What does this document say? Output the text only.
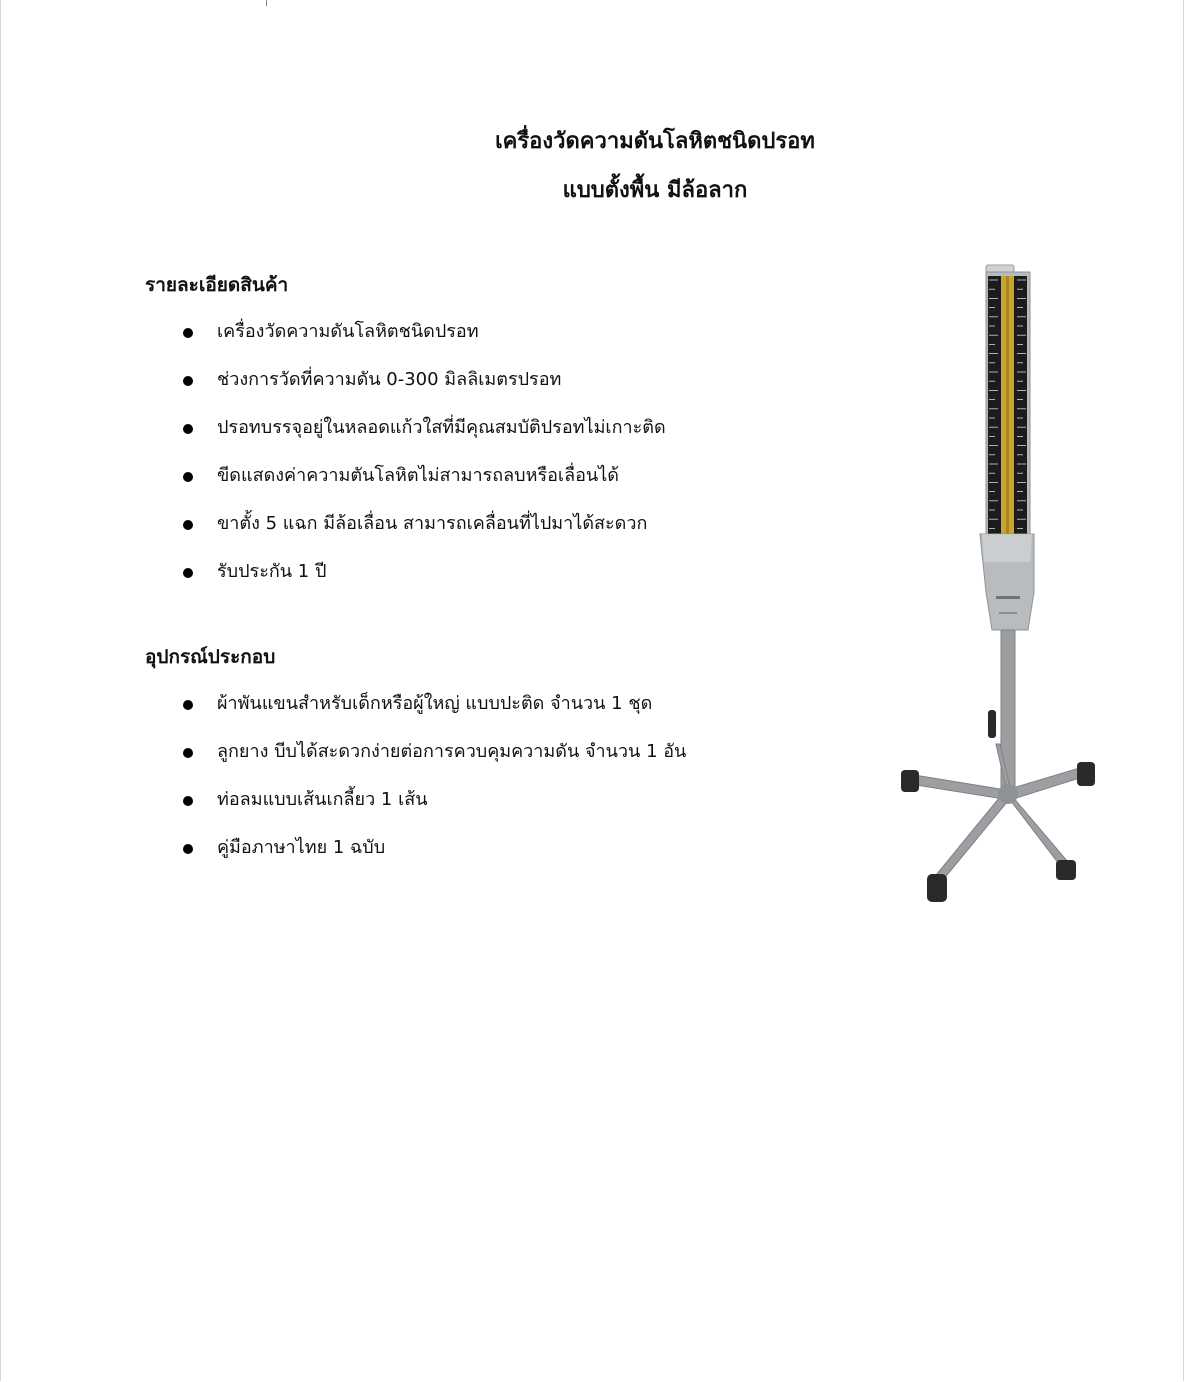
เครื่องวัดความดันโลหิตชนิดปรอท
แบบตั้งพื้น มีล้อลาก
รายละเอียดสินค้า
เครื่องวัดความดันโลหิตชนิดปรอท
ช่วงการวัดที่ความดัน 0-300 มิลลิเมตรปรอท
ปรอทบรรจุอยู่ในหลอดแก้วใสที่มีคุณสมบัติปรอทไม่เกาะติด
ขีดแสดงค่าความตันโลหิตไม่สามารถลบหรือเลื่อนได้
ขาตั้ง 5 แฉก มีล้อเลื่อน สามารถเคลื่อนที่ไปมาได้สะดวก
รับประกัน 1 ปี
อุปกรณ์ประกอบ
ผ้าพันแขนสำหรับเด็กหรือผู้ใหญ่ แบบปะติด จำนวน 1 ชุด
ลูกยาง บีบได้สะดวกง่ายต่อการควบคุมความดัน จำนวน 1 อัน
ท่อลมแบบเส้นเกลี้ยว 1 เส้น
คู่มือภาษาไทย 1 ฉบับ
